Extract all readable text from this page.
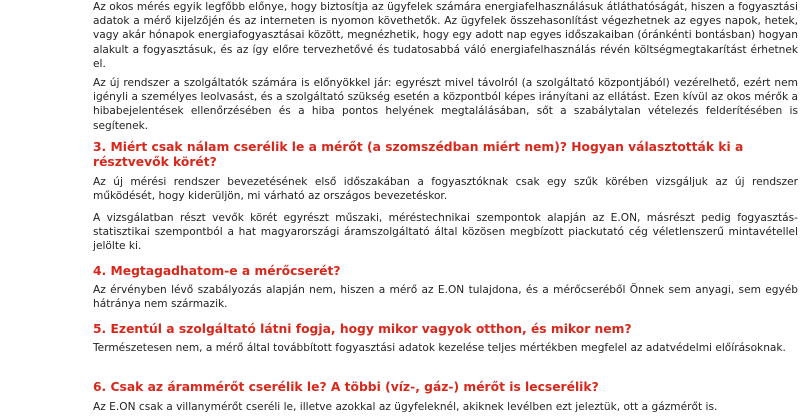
Az okos mérés egyik legfőbb előnye, hogy biztosítja az ügyfelek számára energiafelhasználásuk átláthatóságát, hiszen a fogyasztási adatok a mérő kijelzőjén és az interneten is nyomon követhetők. Az ügyfelek összehasonlítást végezhetnek az egyes napok, hetek, vagy akár hónapok energiafogyasztásai között, megnézhetik, hogy egy adott nap egyes időszakaiban (óránkénti bontásban) hogyan alakult a fogyasztásuk, és az így előre tervezhetővé és tudatosabbá váló energiafelhasználás révén költségmegtakarítást érhetnek el.

Az új rendszer a szolgáltatók számára is előnyökkel jár: egyrészt mivel távolról (a szolgáltató központjából) vezérelhető, ezért nem igényli a személyes leolvasást, és a szolgáltató szükség esetén a központból képes irányítani az ellátást. Ezen kívül az okos mérők a hibabejelentések ellenőrzésében és a hiba pontos helyének megtalálásában, sőt a szabálytalan vételezés felderítésében is segítenek.

3. Miért csak nálam cserélik le a mérőt (a szomszédban miért nem)? Hogyan választották ki a résztvevők körét?

Az új mérési rendszer bevezetésének első időszakában a fogyasztóknak csak egy szűk körében vizsgáljuk az új rendszer működését, hogy kiderüljön, mi várható az országos bevezetéskor.

A vizsgálatban részt vevők körét egyrészt műszaki, méréstechnikai szempontok alapján az E.ON, másrészt pedig fogyasztás-statisztikai szempontból a hat magyarországi áramszolgáltató által közösen megbízott piackutató cég véletlenszerű mintavétellel jelölte ki.

4. Megtagadhatom-e a mérőcserét?

Az érvényben lévő szabályozás alapján nem, hiszen a mérő az E.ON tulajdona, és a mérőcseréből Önnek sem anyagi, sem egyéb hátránya nem származik.

5. Ezentúl a szolgáltató látni fogja, hogy mikor vagyok otthon, és mikor nem?

Természetesen nem, a mérő által továbbított fogyasztási adatok kezelése teljes mértékben megfelel az adatvédelmi előírásoknak.

6. Csak az árammérőt cserélik le? A többi (víz-, gáz-) mérőt is lecserélik?

Az E.ON csak a villanymérőt cseréli le, illetve azokkal az ügyfeleknél, akiknek levélben ezt jeleztük, ott a gázmérőt is.
